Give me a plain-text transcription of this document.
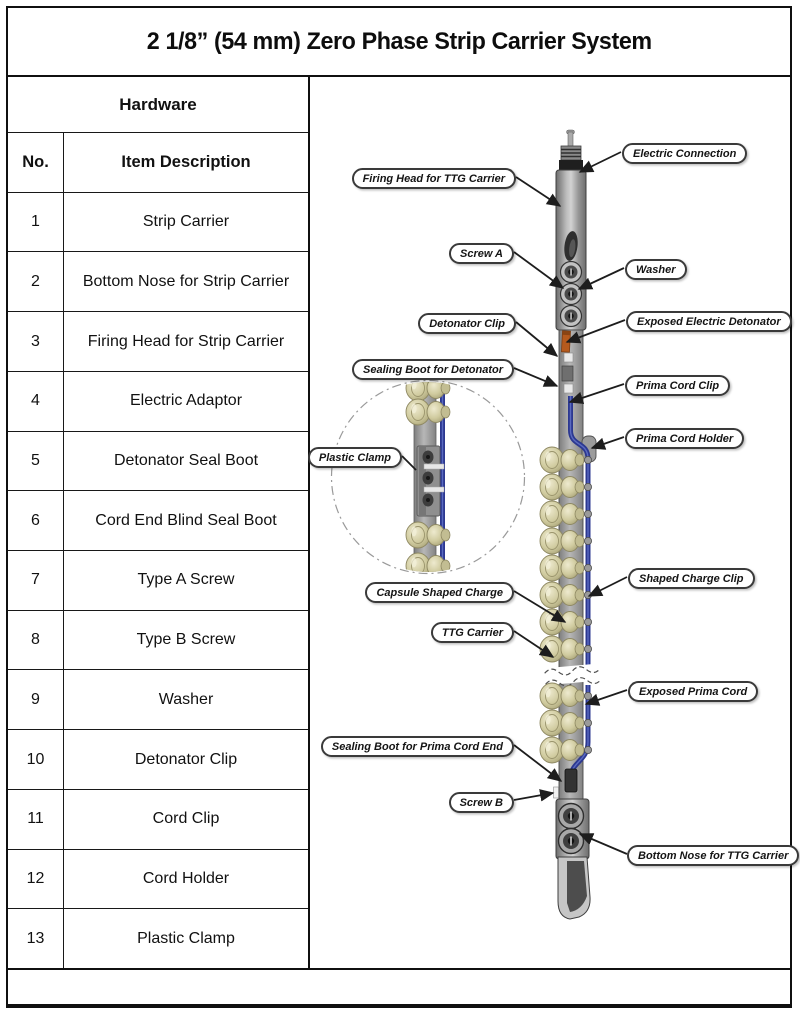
2 1/8” (54 mm) Zero Phase Strip Carrier System
Hardware
No.	Item Description
1	Strip Carrier
2	Bottom Nose for Strip Carrier
3	Firing Head for Strip Carrier
4	Electric Adaptor
5	Detonator Seal Boot
6	Cord End Blind Seal Boot
7	Type A Screw
8	Type B Screw
9	Washer
10	Detonator Clip
11	Cord Clip
12	Cord Holder
13	Plastic Clamp
Electric Connection
Firing Head for TTG Carrier
Screw A
Washer
Detonator Clip	Exposed Electric Detonator
Sealing Boot for Detonator
Prima Cord Clip
Prima Cord Holder
Plastic Clamp
Capsule Shaped Charge
Shaped Charge Clip
TTG Carrier
Exposed Prima Cord
Sealing Boot for Prima Cord End
Screw B
Bottom Nose for TTG Carrier
